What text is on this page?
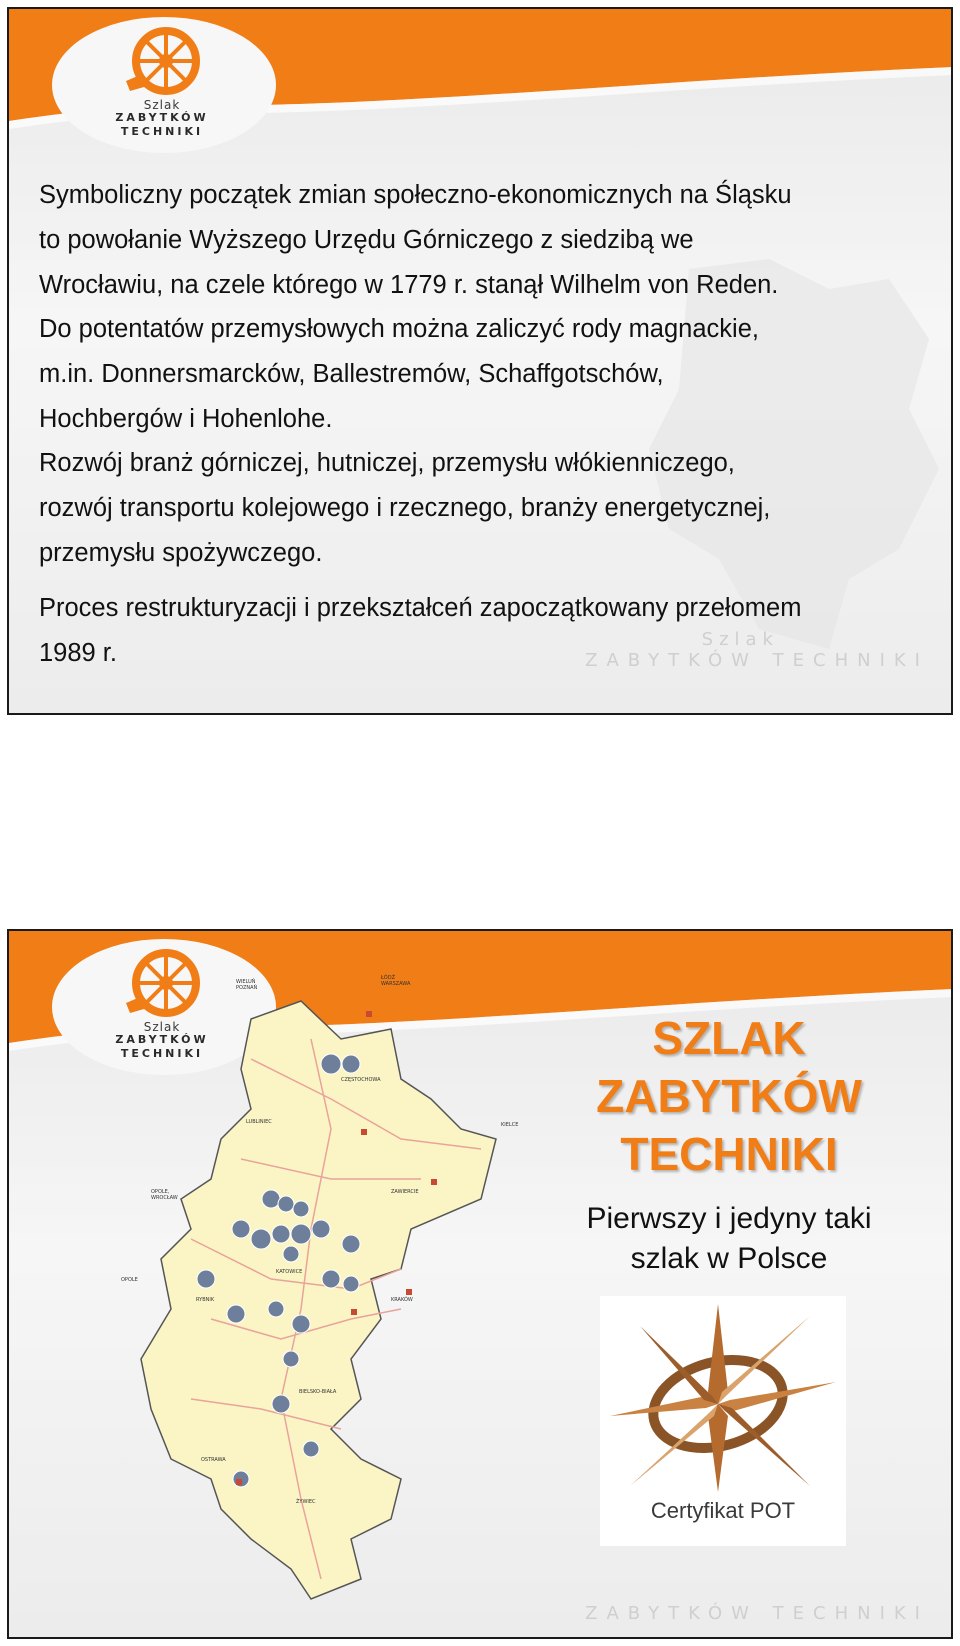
Szlak
ZABYTKÓW TECHNIKI

Symboliczny początek zmian społeczno-ekonomicznych na Śląsku
to powołanie Wyższego Urzędu Górniczego z siedzibą we
Wrocławiu, na czele którego w 1779 r. stanął Wilhelm von Reden.

Do potentatów przemysłowych można zaliczyć rody magnackie,
m.in. Donnersmarcków, Ballestremów, Schaffgotschów,
Hochbergów i Hohenlohe.

Rozwój branż górniczej, hutniczej, przemysłu włókienniczego,
rozwój transportu kolejowego i rzecznego, branży energetycznej,
przemysłu spożywczego.

Proces restrukturyzacji i przekształceń zapoczątkowany przełomem
1989 r.	Szlak
ZABYTKÓW TECHNIKI
Szlak
ZABYTKÓW TECHNIKI
WIELUŃ POZNAŃ
ŁÓDŹ WARSZAWA
CZĘSTOCHOWA
LUBLINIEC	KIELCE
OPOLE, WROCŁAW
OPOLE
KATOWICE
KRAKÓW
BIELSKO-BIAŁA
ZAWIERCIE
RYBNIK
OSTRAWA
ŻYWIEC
SZLAK
ZABYTKÓW
TECHNIKI
Pierwszy i jedyny taki
szlak w Polsce
Certyfikat POT
ZABYTKÓW TECHNIKI
